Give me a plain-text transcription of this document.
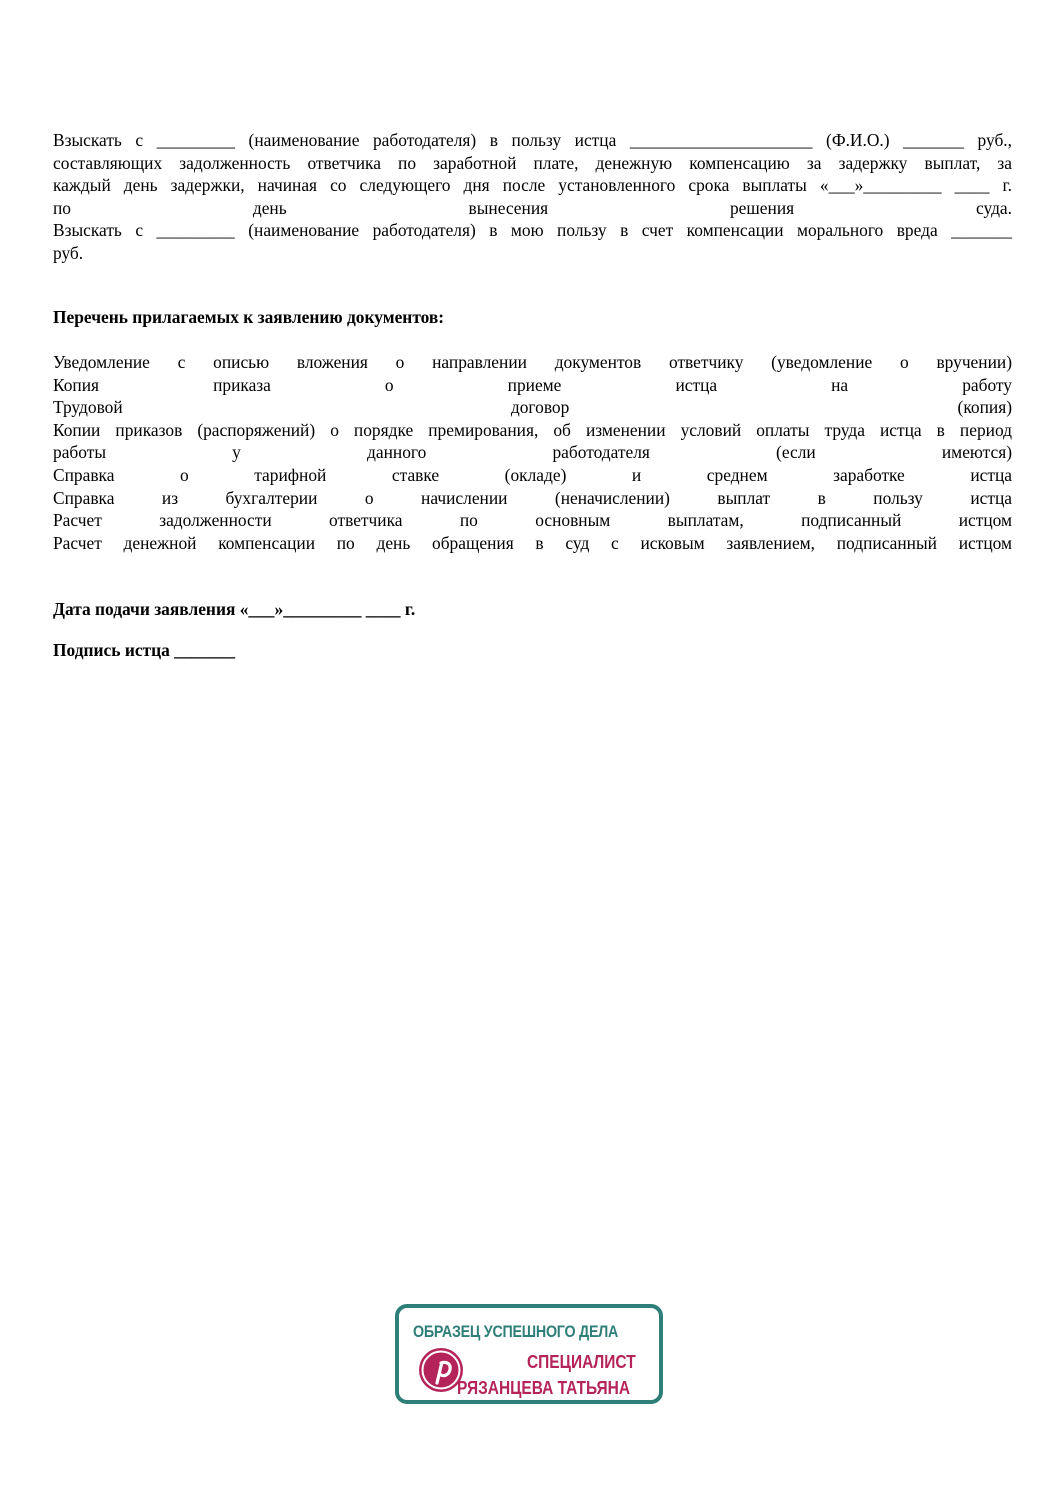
Взыскать с _________ (наименование работодателя) в пользу истца _____________________ (Ф.И.О.) _______ руб.,
составляющих задолженность ответчика по заработной плате, денежную компенсацию за задержку выплат, за
каждый день задержки, начиная со следующего дня после установленного срока выплаты «___»_________ ____ г.
по день вынесения решения суда.
Взыскать с _________ (наименование работодателя) в мою пользу в счет компенсации морального вреда _______
руб.

Перечень прилагаемых к заявлению документов:

Уведомление с описью вложения о направлении документов ответчику (уведомление о вручении)
Копия приказа о приеме истца на работу
Трудовой договор (копия)
Копии приказов (распоряжений) о порядке премирования, об изменении условий оплаты труда истца в период
работы у данного работодателя (если имеются)
Справка о тарифной ставке (окладе) и среднем заработке истца
Справка из бухгалтерии о начислении (неначислении) выплат в пользу истца
Расчет задолженности ответчика по основным выплатам, подписанный истцом
Расчет денежной компенсации по день обращения в суд с исковым заявлением, подписанный истцом

Дата подачи заявления «___»_________ ____ г.

Подпись истца _______

ОБРАЗЕЦ УСПЕШНОГО ДЕЛА
СПЕЦИАЛИСТ
РЯЗАНЦЕВА ТАТЬЯНА
